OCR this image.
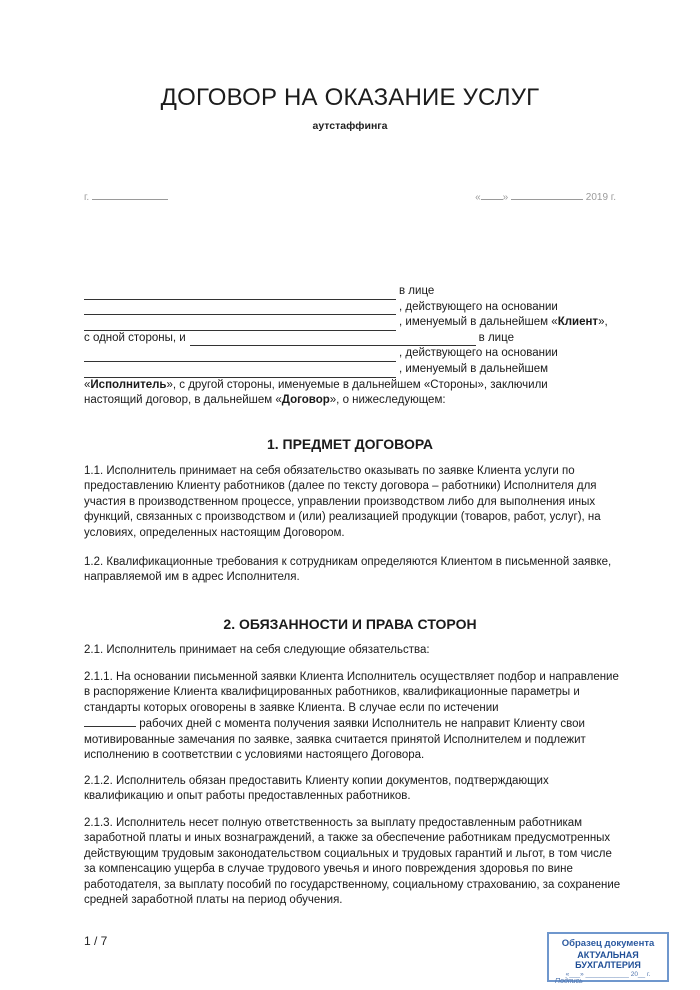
ДОГОВОР НА ОКАЗАНИЕ УСЛУГ
аутстаффинга
г.	« »	2019 г.
в лице
, действующего на основании
, именуемый в дальнейшем « Клиент »,
с одной стороны, и	в лице
, действующего на основании
, именуемый в дальнейшем
« Исполнитель », с другой стороны, именуемые в дальнейшем «Стороны», заключили
настоящий договор, в дальнейшем « Договор », о нижеследующем:
1. ПРЕДМЕТ ДОГОВОРА

1.1. Исполнитель принимает на себя обязательство оказывать по заявке Клиента услуги по предоставлению Клиенту работников (далее по тексту договора – работники) Исполнителя для участия в производственном процессе, управлении производством либо для выполнения иных функций, связанных с производством и (или) реализацией продукции (товаров, работ, услуг), на условиях, определенных настоящим Договором.

1.2. Квалификационные требования к сотрудникам определяются Клиентом в письменной заявке, направляемой им в адрес Исполнителя.

2. ОБЯЗАННОСТИ И ПРАВА СТОРОН

2.1. Исполнитель принимает на себя следующие обязательства:

2.1.1. На основании письменной заявки Клиента Исполнитель осуществляет подбор и направление в распоряжение Клиента квалифицированных работников, квалификационные параметры и стандарты которых оговорены в заявке Клиента. В случае если по истечении
рабочих дней с момента получения заявки Исполнитель не направит Клиенту свои мотивированные замечания по заявке, заявка считается принятой Исполнителем и подлежит исполнению в соответствии с условиями настоящего Договора.

2.1.2. Исполнитель обязан предоставить Клиенту копии документов, подтверждающих квалификацию и опыт работы предоставленных работников.

2.1.3. Исполнитель несет полную ответственность за выплату предоставленным работникам заработной платы и иных вознаграждений, а также за обеспечение работникам предусмотренных действующим трудовым законодательством социальных и трудовых гарантий и льгот, в том числе за компенсацию ущерба в случае трудового увечья и иного повреждения здоровья по вине работодателя, за выплату пособий по государственному, социальному страхованию, за сохранение средней заработной платы на период обучения.

1 / 7	Образец документа
АКТУАЛЬНАЯ БУХГАЛТЕРИЯ
«___» ____________ 20__ г.
Подпись
